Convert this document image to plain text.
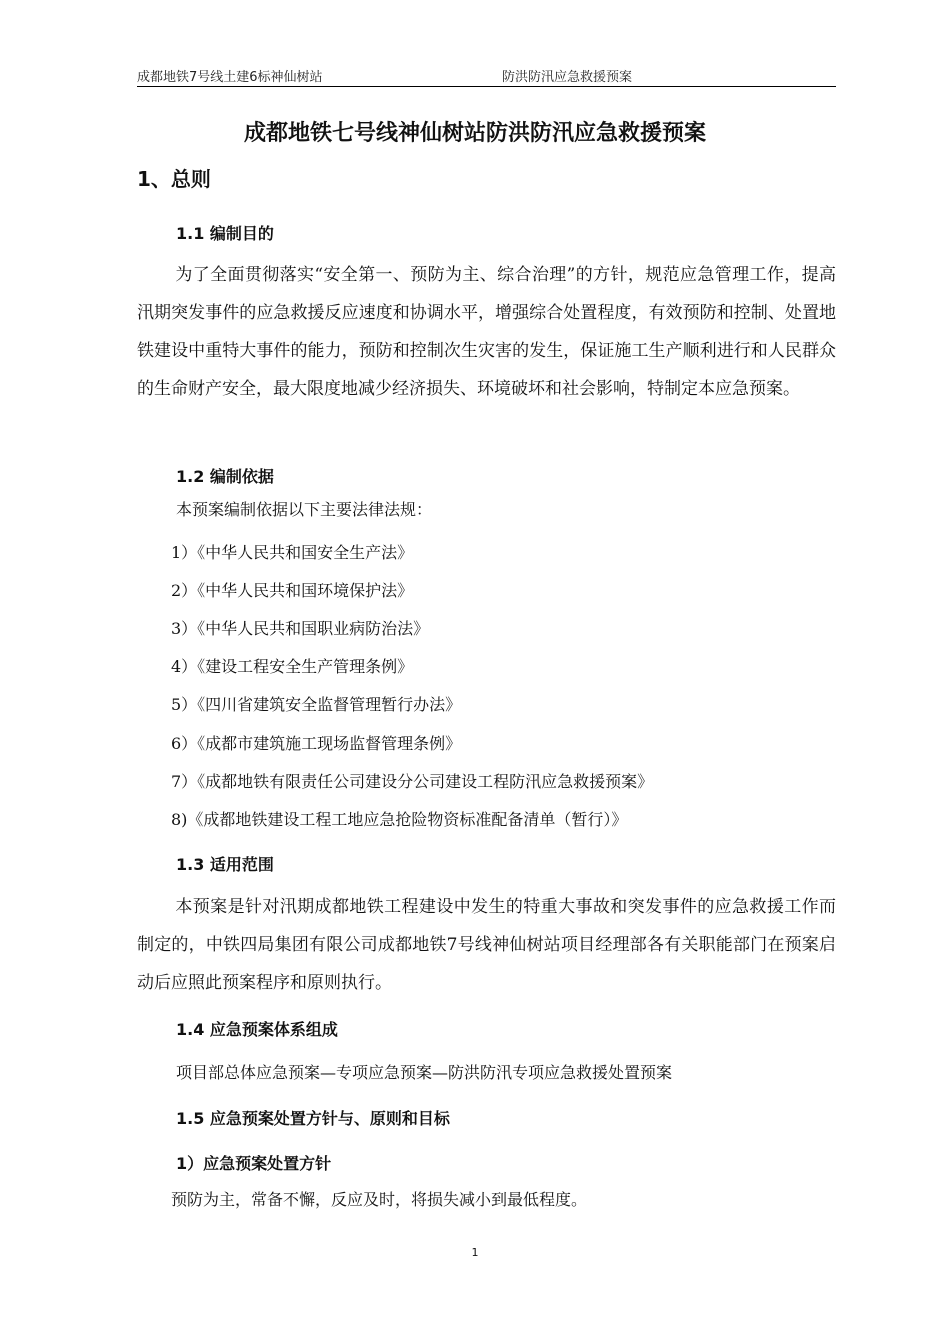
成都地铁7号线土建6标神仙树站	防洪防汛应急救援预案
成都地铁七号线神仙树站防洪防汛应急救援预案
1、总则
1.1 编制目的
为了全面贯彻落实“安全第一、预防为主、综合治理”的方针，规范应急管理工作，提高汛期突发事件的应急救援反应速度和协调水平，增强综合处置程度，有效预防和控制、处置地铁建设中重特大事件的能力，预防和控制次生灾害的发生，保证施工生产顺利进行和人民群众的生命财产安全，最大限度地减少经济损失、环境破坏和社会影响，特制定本应急预案。
1.2 编制依据
本预案编制依据以下主要法律法规：
1）《中华人民共和国安全生产法》
2）《中华人民共和国环境保护法》
3）《中华人民共和国职业病防治法》
4）《建设工程安全生产管理条例》
5）《四川省建筑安全监督管理暂行办法》
6）《成都市建筑施工现场监督管理条例》
7）《成都地铁有限责任公司建设分公司建设工程防汛应急救援预案》
8)《成都地铁建设工程工地应急抢险物资标准配备清单（暂行）》
1.3 适用范围
本预案是针对汛期成都地铁工程建设中发生的特重大事故和突发事件的应急救援工作而制定的，中铁四局集团有限公司成都地铁7号线神仙树站项目经理部各有关职能部门在预案启动后应照此预案程序和原则执行。
1.4 应急预案体系组成
项目部总体应急预案—专项应急预案—防洪防汛专项应急救援处置预案
1.5 应急预案处置方针与、原则和目标
1）应急预案处置方针
预防为主，常备不懈，反应及时，将损失减小到最低程度。
1
